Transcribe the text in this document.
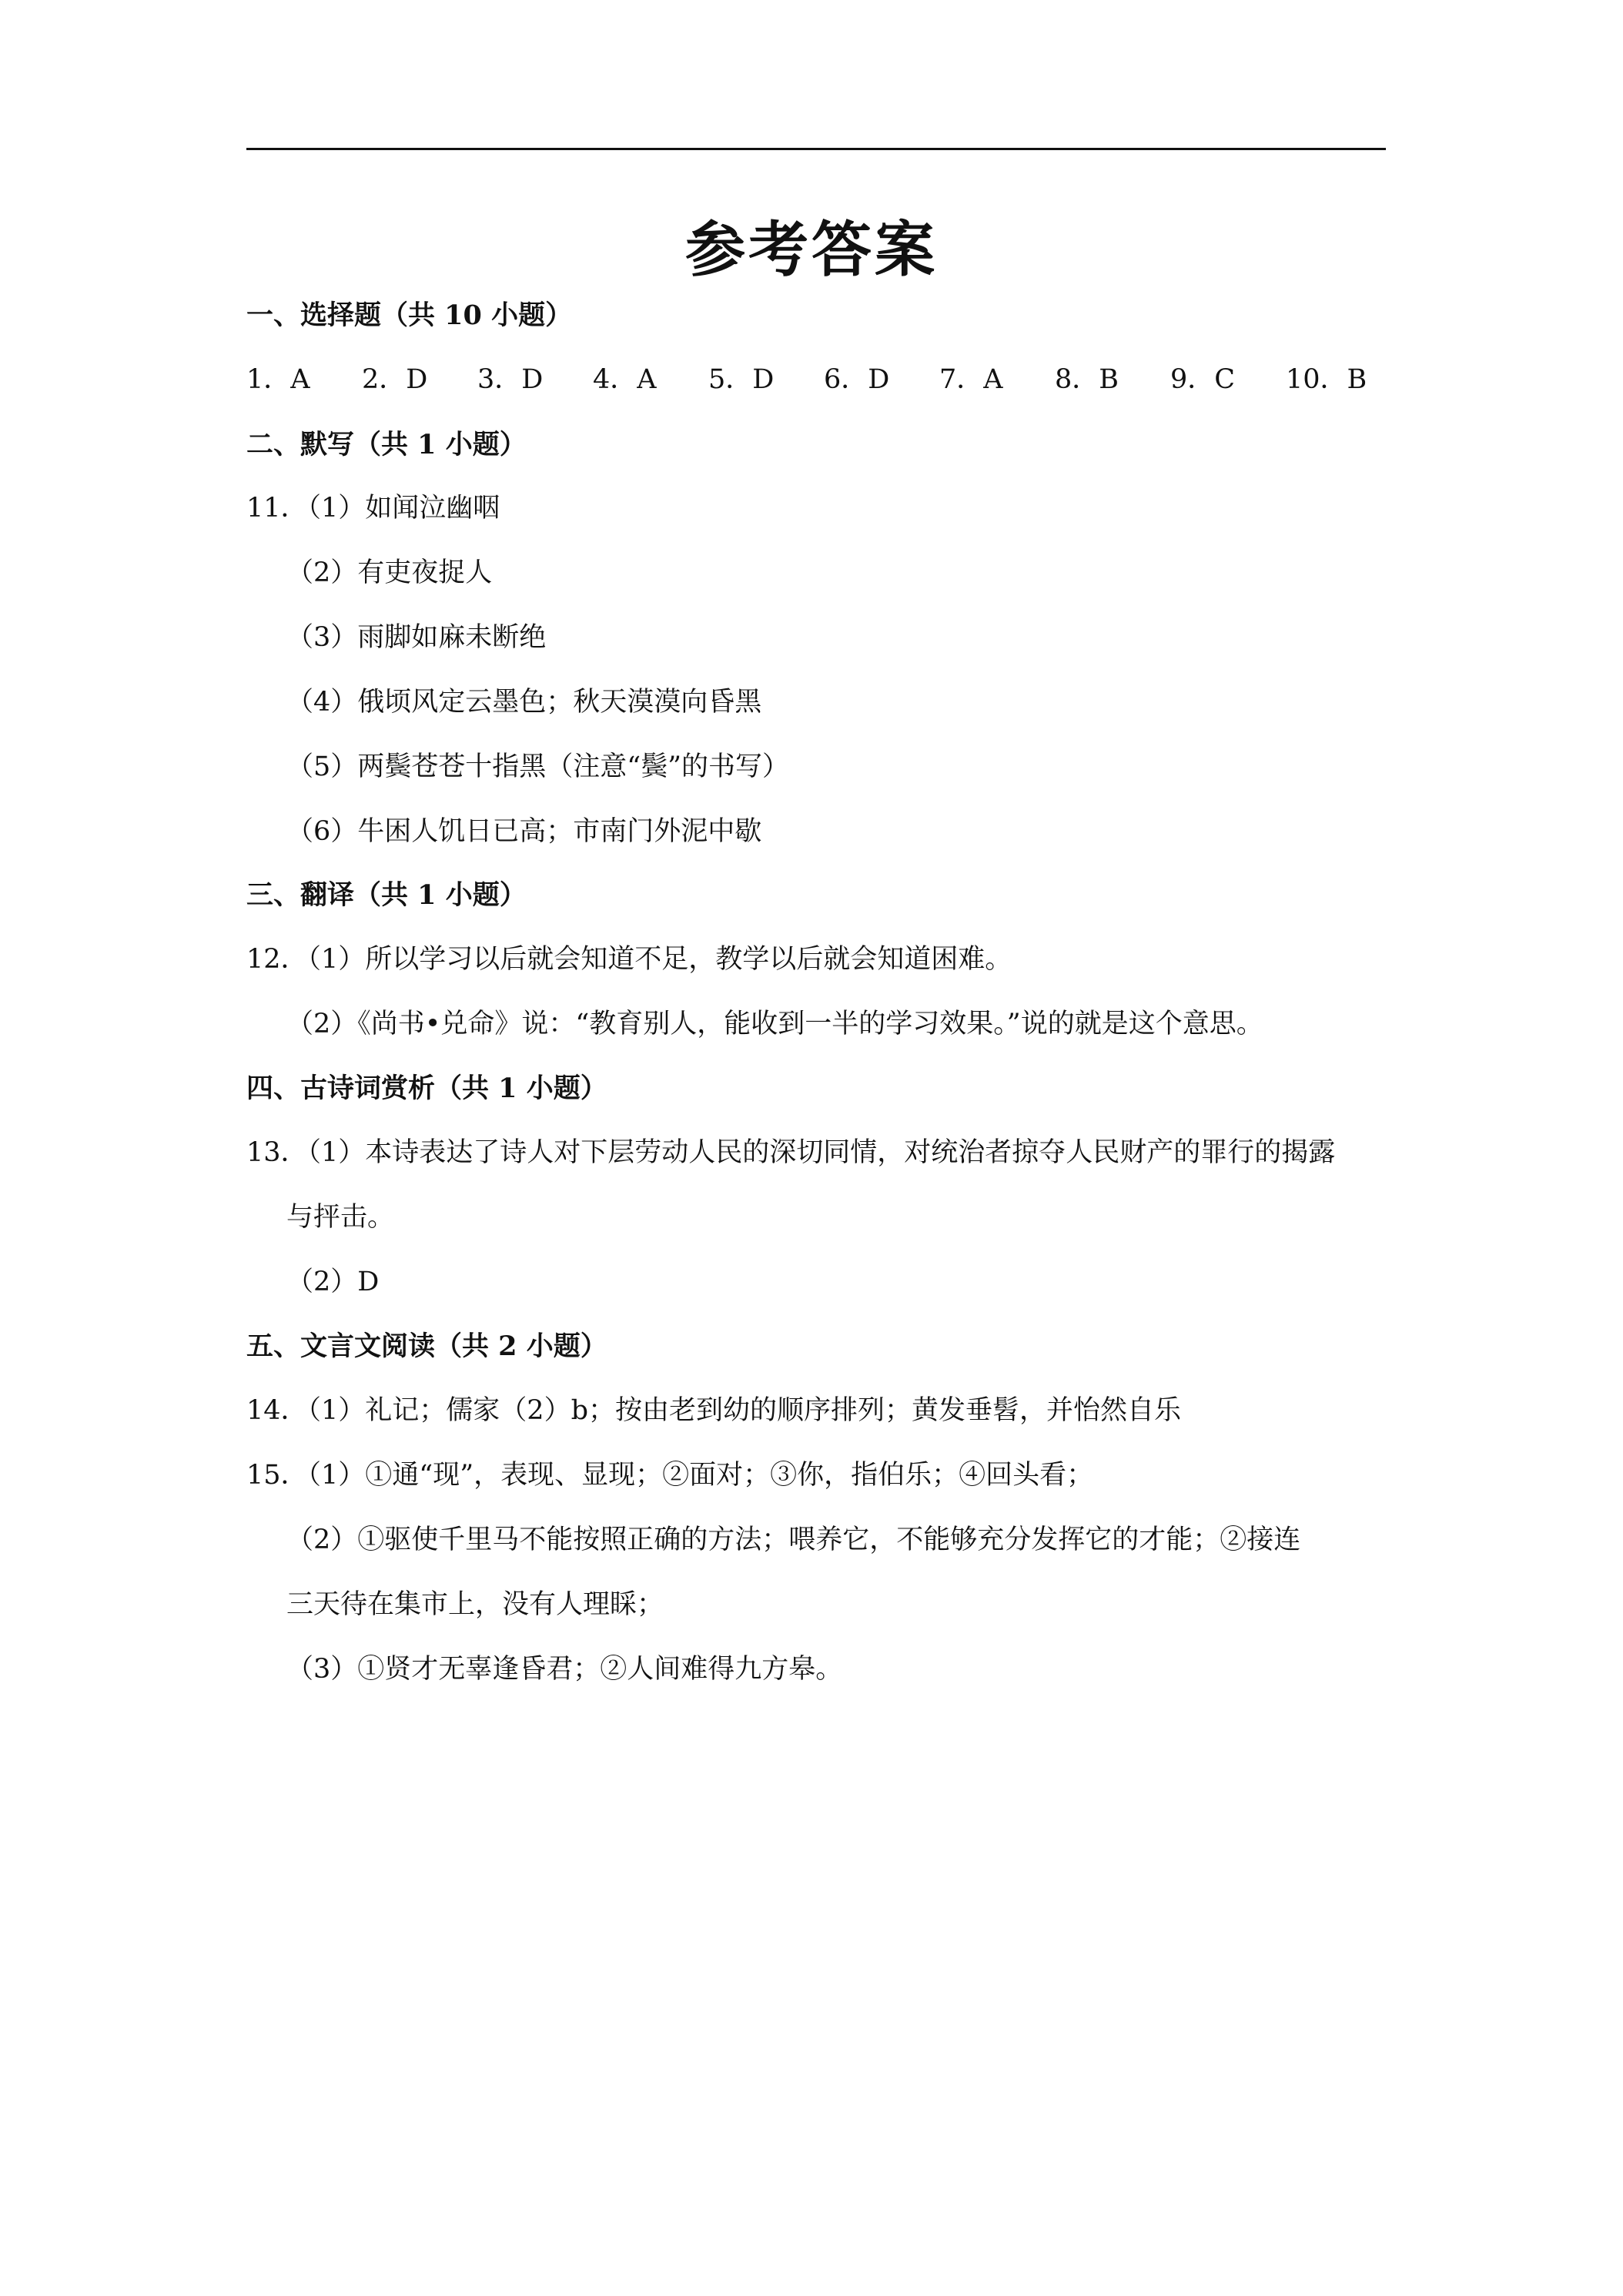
参考答案
一、选择题（共 10 小题）
1．A 2．D 3．D 4．A 5．D 6．D 7．A 8．B 9．C 10．B
二、默写（共 1 小题）
11．（1）如闻泣幽咽
（2）有吏夜捉人
（3）雨脚如麻未断绝
（4）俄顷风定云墨色；秋天漠漠向昏黑
（5）两鬓苍苍十指黑（注意“鬓”的书写）
（6）牛困人饥日已高；市南门外泥中歇
三、翻译（共 1 小题）
12．（1）所以学习以后就会知道不足，教学以后就会知道困难。
（2）《尚书•兑命》说：“教育别人，能收到一半的学习效果。”说的就是这个意思。
四、古诗词赏析（共 1 小题）
13．（1）本诗表达了诗人对下层劳动人民的深切同情，对统治者掠夺人民财产的罪行的揭露
与抨击。
（2）D
五、文言文阅读（共 2 小题）
14．（1）礼记；儒家（2）b；按由老到幼的顺序排列；黄发垂髫，并怡然自乐
15．（1）①通“现”，表现、显现；②面对；③你，指伯乐；④回头看；
（2）①驱使千里马不能按照正确的方法；喂养它，不能够充分发挥它的才能；②接连
三天待在集市上，没有人理睬；
（3）①贤才无辜逢昏君；②人间难得九方皋。
